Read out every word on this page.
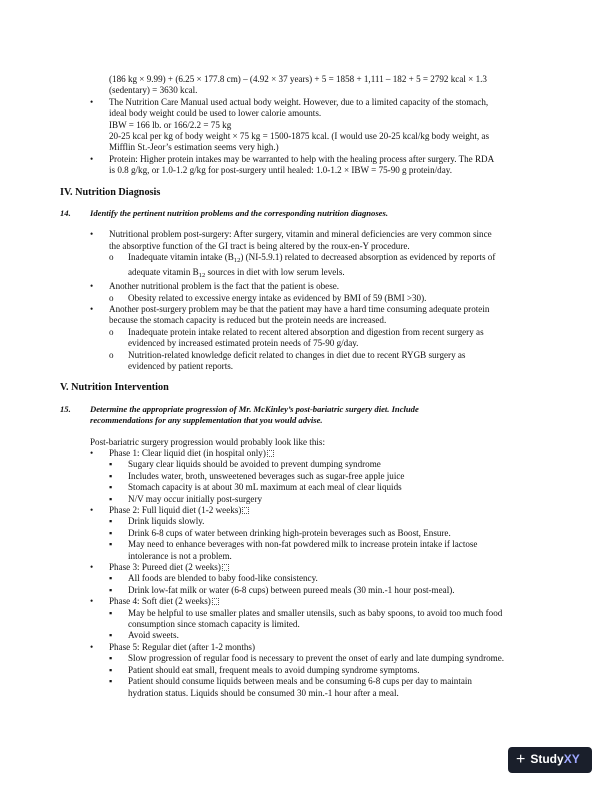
(186 kg × 9.99) + (6.25 × 177.8 cm) – (4.92 × 37 years) + 5 = 1858 + 1,111 – 182 + 5 = 2792 kcal × 1.3
(sedentary) = 3630 kcal.
•	The Nutrition Care Manual used actual body weight. However, due to a limited capacity of the stomach,
ideal body weight could be used to lower calorie amounts.
IBW = 166 lb. or 166/2.2 = 75 kg
20-25 kcal per kg of body weight × 75 kg = 1500-1875 kcal. (I would use 20-25 kcal/kg body weight, as
Mifflin St.-Jeor’s estimation seems very high.)
•	Protein: Higher protein intakes may be warranted to help with the healing process after surgery. The RDA
is 0.8 g/kg, or 1.0-1.2 g/kg for post-surgery until healed: 1.0-1.2 × IBW = 75-90 g protein/day.
IV. Nutrition Diagnosis
14. Identify the pertinent nutrition problems and the corresponding nutrition diagnoses.
•	Nutritional problem post-surgery: After surgery, vitamin and mineral deficiencies are very common since
the absorptive function of the GI tract is being altered by the roux-en-Y procedure.
o Inadequate vitamin intake $(B_{12})$ (NI-5.9.1) related to decreased absorption as evidenced by reports of
adequate vitamin $B_{12}$ sources in diet with low serum levels.
•	Another nutritional problem is the fact that the patient is obese.
o Obesity related to excessive energy intake as evidenced by BMI of 59 (BMI >30).
•	Another post-surgery problem may be that the patient may have a hard time consuming adequate protein
because the stomach capacity is reduced but the protein needs are increased.
o Inadequate protein intake related to recent altered absorption and digestion from recent surgery as
evidenced by increased estimated protein needs of 75-90 g/day.
o Nutrition-related knowledge deficit related to changes in diet due to recent RYGB surgery as
evidenced by patient reports.
V. Nutrition Intervention
15. Determine the appropriate progression of Mr. McKinley’s post-bariatric surgery diet. Include
recommendations for any supplementation that you would advise.
Post-bariatric surgery progression would probably look like this:
•	Phase 1: Clear liquid diet (in hospital only)
▪ Sugary clear liquids should be avoided to prevent dumping syndrome
▪ Includes water, broth, unsweetened beverages such as sugar-free apple juice
▪ Stomach capacity is at about 30 mL maximum at each meal of clear liquids
▪ N/V may occur initially post-surgery
•	Phase 2: Full liquid diet (1-2 weeks)
▪ Drink liquids slowly.
▪ Drink 6-8 cups of water between drinking high-protein beverages such as Boost, Ensure.
▪ May need to enhance beverages with non-fat powdered milk to increase protein intake if lactose
intolerance is not a problem.
•	Phase 3: Pureed diet (2 weeks)
▪ All foods are blended to baby food-like consistency.
▪ Drink low-fat milk or water (6-8 cups) between pureed meals (30 min.-1 hour post-meal).
•	Phase 4: Soft diet (2 weeks)
▪ May be helpful to use smaller plates and smaller utensils, such as baby spoons, to avoid too much food
consumption since stomach capacity is limited.
▪ Avoid sweets.
•	Phase 5: Regular diet (after 1-2 months)
▪ Slow progression of regular food is necessary to prevent the onset of early and late dumping syndrome.
▪ Patient should eat small, frequent meals to avoid dumping syndrome symptoms.
▪ Patient should consume liquids between meals and be consuming 6-8 cups per day to maintain
hydration status. Liquids should be consumed 30 min.-1 hour after a meal.
+ Study XY
